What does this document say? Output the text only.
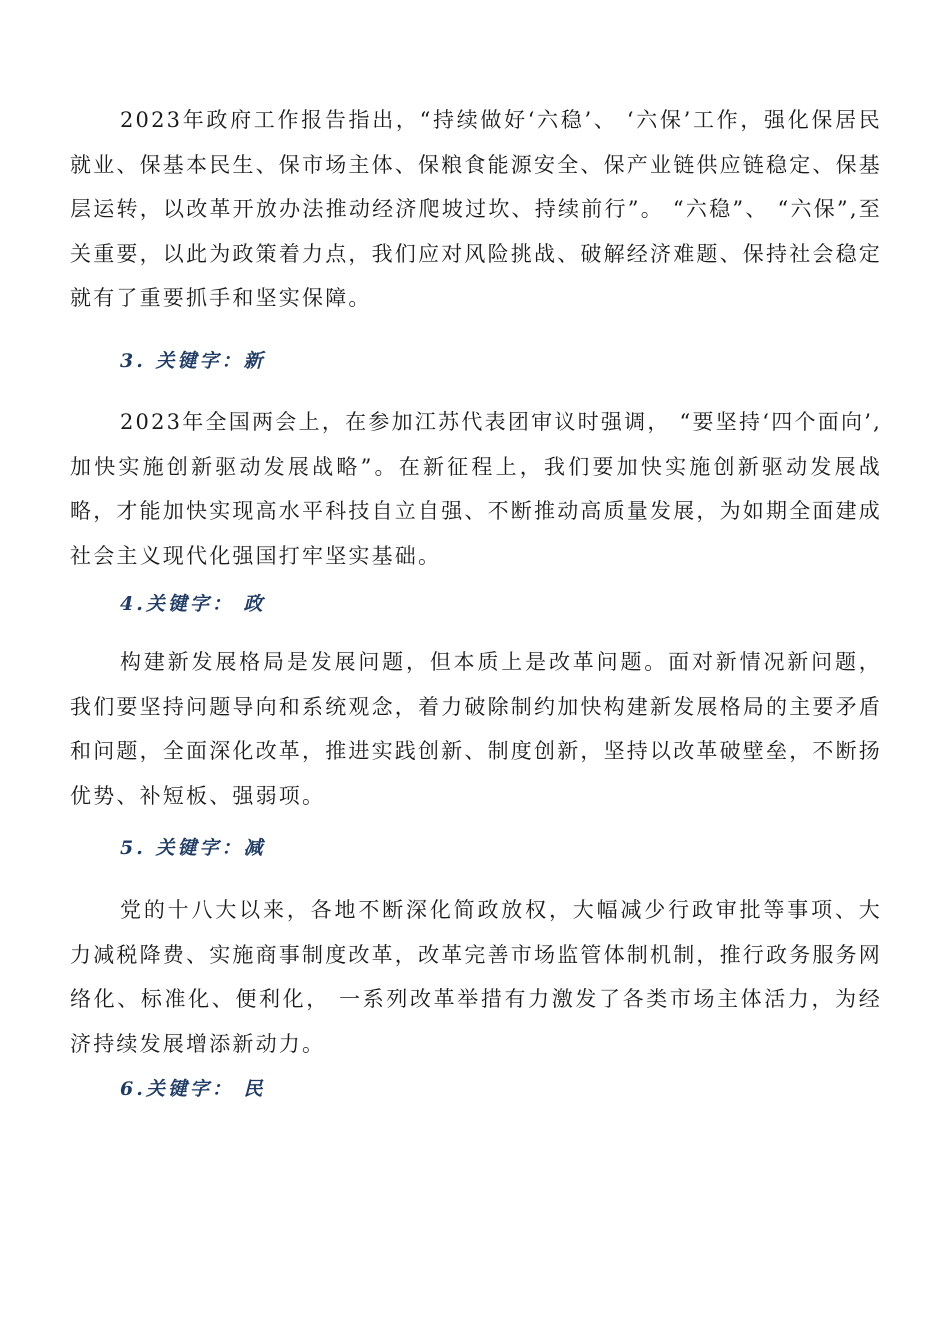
2023年政府工作报告指出，“持续做好‘六稳’、 ‘六保’工作，强化保居民就业、保基本民生、保市场主体、保粮食能源安全、保产业链供应链稳定、保基层运转，以改革开放办法推动经济爬坡过坎、持续前行”。 “六稳”、 “六保”,至关重要，以此为政策着力点，我们应对风险挑战、破解经济难题、保持社会稳定就有了重要抓手和坚实保障。

3. 关键字：新

2023年全国两会上，在参加江苏代表团审议时强调， “要坚持‘四个面向’,加快实施创新驱动发展战略”。在新征程上，我们要加快实施创新驱动发展战略，才能加快实现高水平科技自立自强、不断推动高质量发展，为如期全面建成社会主义现代化强国打牢坚实基础。

4.关键字： 政

构建新发展格局是发展问题，但本质上是改革问题。面对新情况新问题，我们要坚持问题导向和系统观念，着力破除制约加快构建新发展格局的主要矛盾和问题，全面深化改革，推进实践创新、制度创新，坚持以改革破壁垒，不断扬优势、补短板、强弱项。

5. 关键字：减

党的十八大以来，各地不断深化简政放权，大幅减少行政审批等事项、大力减税降费、实施商事制度改革，改革完善市场监管体制机制，推行政务服务网络化、标准化、便利化， 一系列改革举措有力激发了各类市场主体活力，为经济持续发展增添新动力。

6.关键字： 民
